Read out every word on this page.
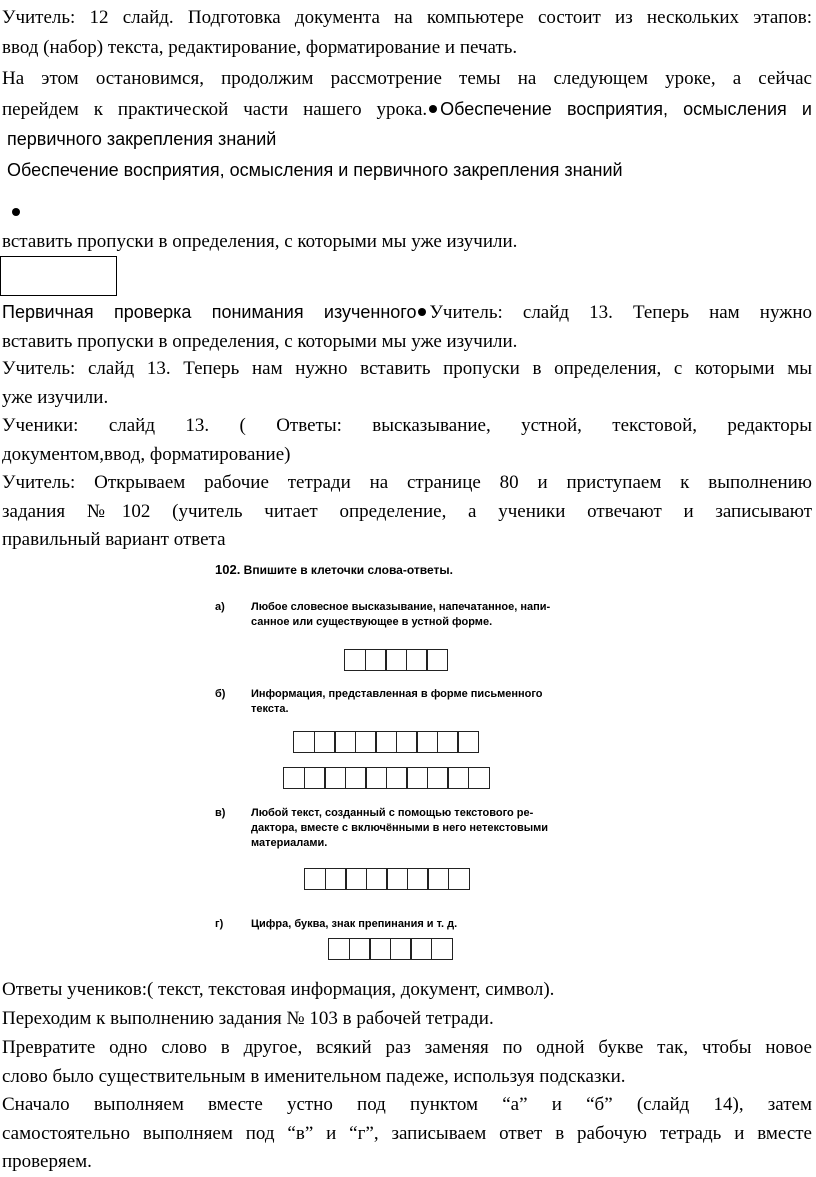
Учитель: 12 слайд. Подготовка документа на компьютере состоит из нескольких этапов:

ввод (набор) текста, редактирование, форматирование и печать.

На этом остановимся, продолжим рассмотрение темы на следующем уроке, а сейчас

перейдем к практической части нашего урока. Обеспечение восприятия, осмысления и

первичного закрепления знаний

Обеспечение восприятия, осмысления и первичного закрепления знаний

вставить пропуски в определения, с которыми мы уже изучили.

Первичная проверка понимания изученного Учитель: слайд 13. Теперь нам нужно

вставить пропуски в определения, с которыми мы уже изучили.

Учитель: слайд 13. Теперь нам нужно вставить пропуски в определения, с которыми мы

уже изучили.

Ученики: слайд 13. ( Ответы: высказывание, устной, текстовой, редакторы

документом,ввод, форматирование)

Учитель: Открываем рабочие тетради на странице 80 и приступаем к выполнению

задания №102 (учитель читает определение, а ученики отвечают и записывают

правильный вариант ответа

102. Впишите в клеточки слова-ответы.
а) Любое словесное высказывание, напечатанное, напи-
санное или существующее в устной форме.
б) Информация, представленная в форме письменного
текста.
в) Любой текст, созданный с помощью текстового ре-
дактора, вместе с включёнными в него нетекстовыми
материалами.
г)	Цифра, буква, знак препинания и т. д.

Ответы учеников:( текст, текстовая информация, документ, символ).

Переходим к выполнению задания № 103 в рабочей тетради.

Превратите одно слово в другое, всякий раз заменяя по одной букве так, чтобы новое

слово было существительным в именительном падеже, используя подсказки.

Сначало выполняем вместе устно под пунктом “а” и “б” (слайд 14), затем

самостоятельно выполняем под “в” и “г”, записываем ответ в рабочую тетрадь и вместе

проверяем.
